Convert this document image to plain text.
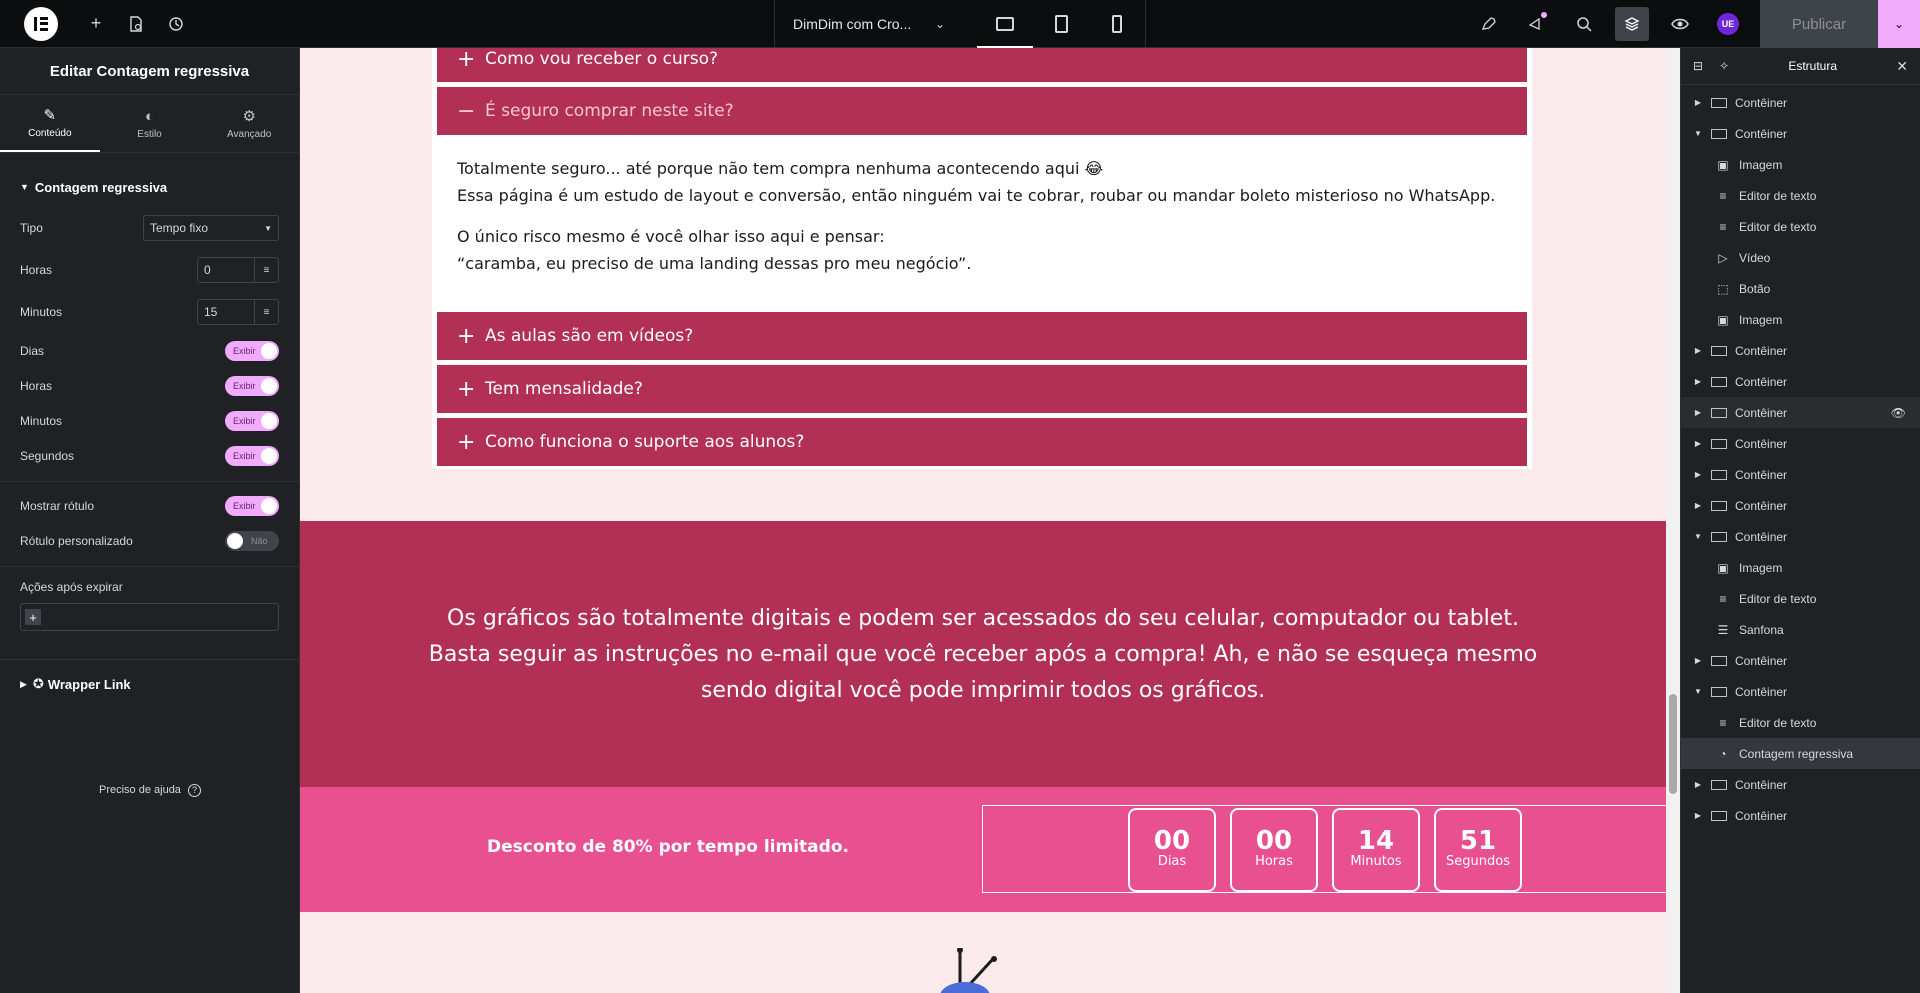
+	DimDim com Cro...	⌄	UE	Publicar	⌄
Editar Contagem regressiva
✎
Conteúdo
◐
Estilo
⚙
Avançado
▼ Contagem regressiva
Tipo	Tempo fixo	▼
Horas	0	≡
Minutos	15	≡
Dias	Exibir
Horas	Exibir
Minutos	Exibir
Segundos	Exibir
Mostrar rótulo	Exibir
Rótulo personalizado	Não
Ações após expirar
+
▶ ✪ Wrapper Link
Preciso de ajuda ?
+ Como vou receber o curso?
− É seguro comprar neste site?

Totalmente seguro... até porque não tem compra nenhuma acontecendo aqui 😂
Essa página é um estudo de layout e conversão, então ninguém vai te cobrar, roubar ou mandar boleto misterioso no WhatsApp.

O único risco mesmo é você olhar isso aqui e pensar:
“caramba, eu preciso de uma landing dessas pro meu negócio”.

+ As aulas são em vídeos?
+ Tem mensalidade?
+ Como funciona o suporte aos alunos?
Os gráficos são totalmente digitais e podem ser acessados do seu celular, computador ou tablet.
Basta seguir as instruções no e-mail que você receber após a compra! Ah, e não se esqueça mesmo
sendo digital você pode imprimir todos os gráficos.
Desconto de 80% por tempo limitado.	00
Dias
00
Horas
14
Minutos
51
Segundos
⊟ ✧	Estrutura	✕
▶	Contêiner
▼	Contêiner
▣ Imagem
≡	Editor de texto
≡	Editor de texto
▷ Vídeo
⬚ Botão
▣ Imagem
▶	Contêiner
▶	Contêiner
▶	Contêiner	👁
▶	Contêiner
▶	Contêiner
▶	Contêiner
▼	Contêiner
▣ Imagem
≡	Editor de texto
☰ Sanfona
▶	Contêiner
▼	Contêiner
≡	Editor de texto
◔	Contagem regressiva
▶	Contêiner
▶	Contêiner
